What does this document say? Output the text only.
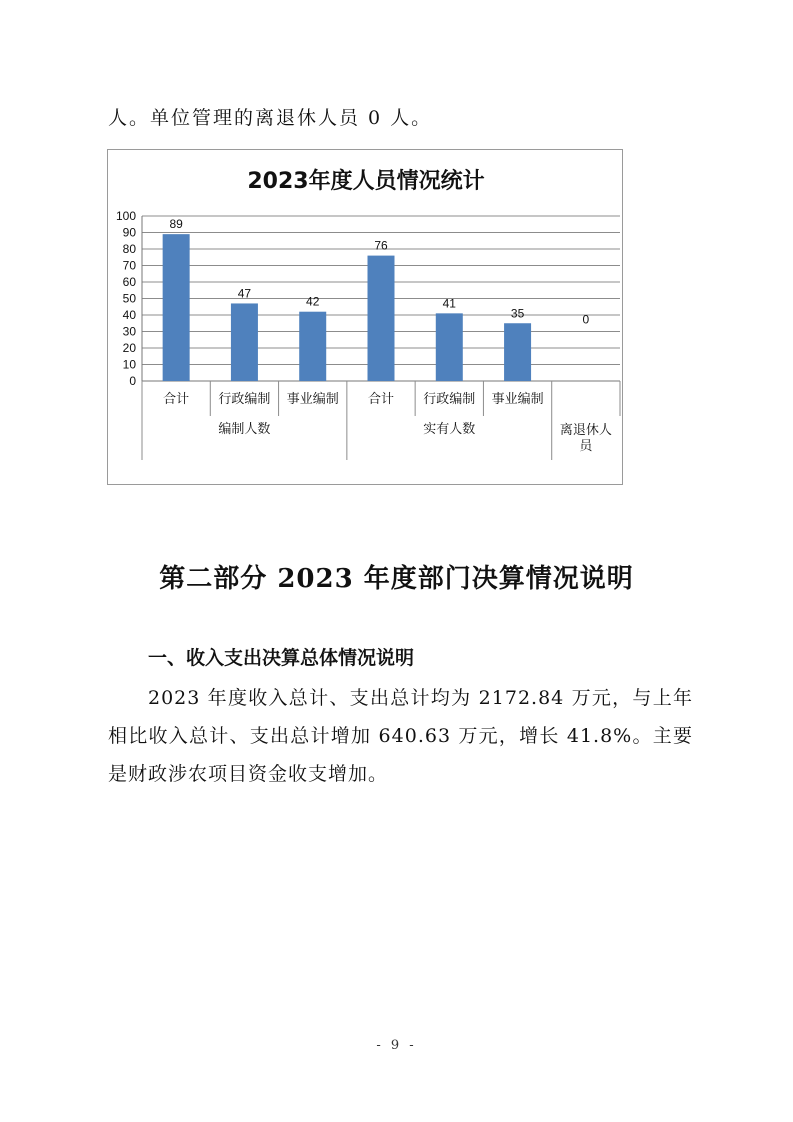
人。单位管理的离退休人员 0 人。

2023年度人员情况统计
0
10
20
30
40
50
60
70
80
90
100
89
合计
47
行政编制
42
事业编制
76
合计
41
行政编制
35
事业编制
0
离退休人员
编制人数	实有人数
第二部分 2023 年度部门决算情况说明
一、收入支出决算总体情况说明

2023 年度收入总计、支出总计均为 2172.84 万元，与上年相比收入总计、支出总计增加 640.63 万元，增长 41.8%。主要是财政涉农项目资金收支增加。

- 9 -
